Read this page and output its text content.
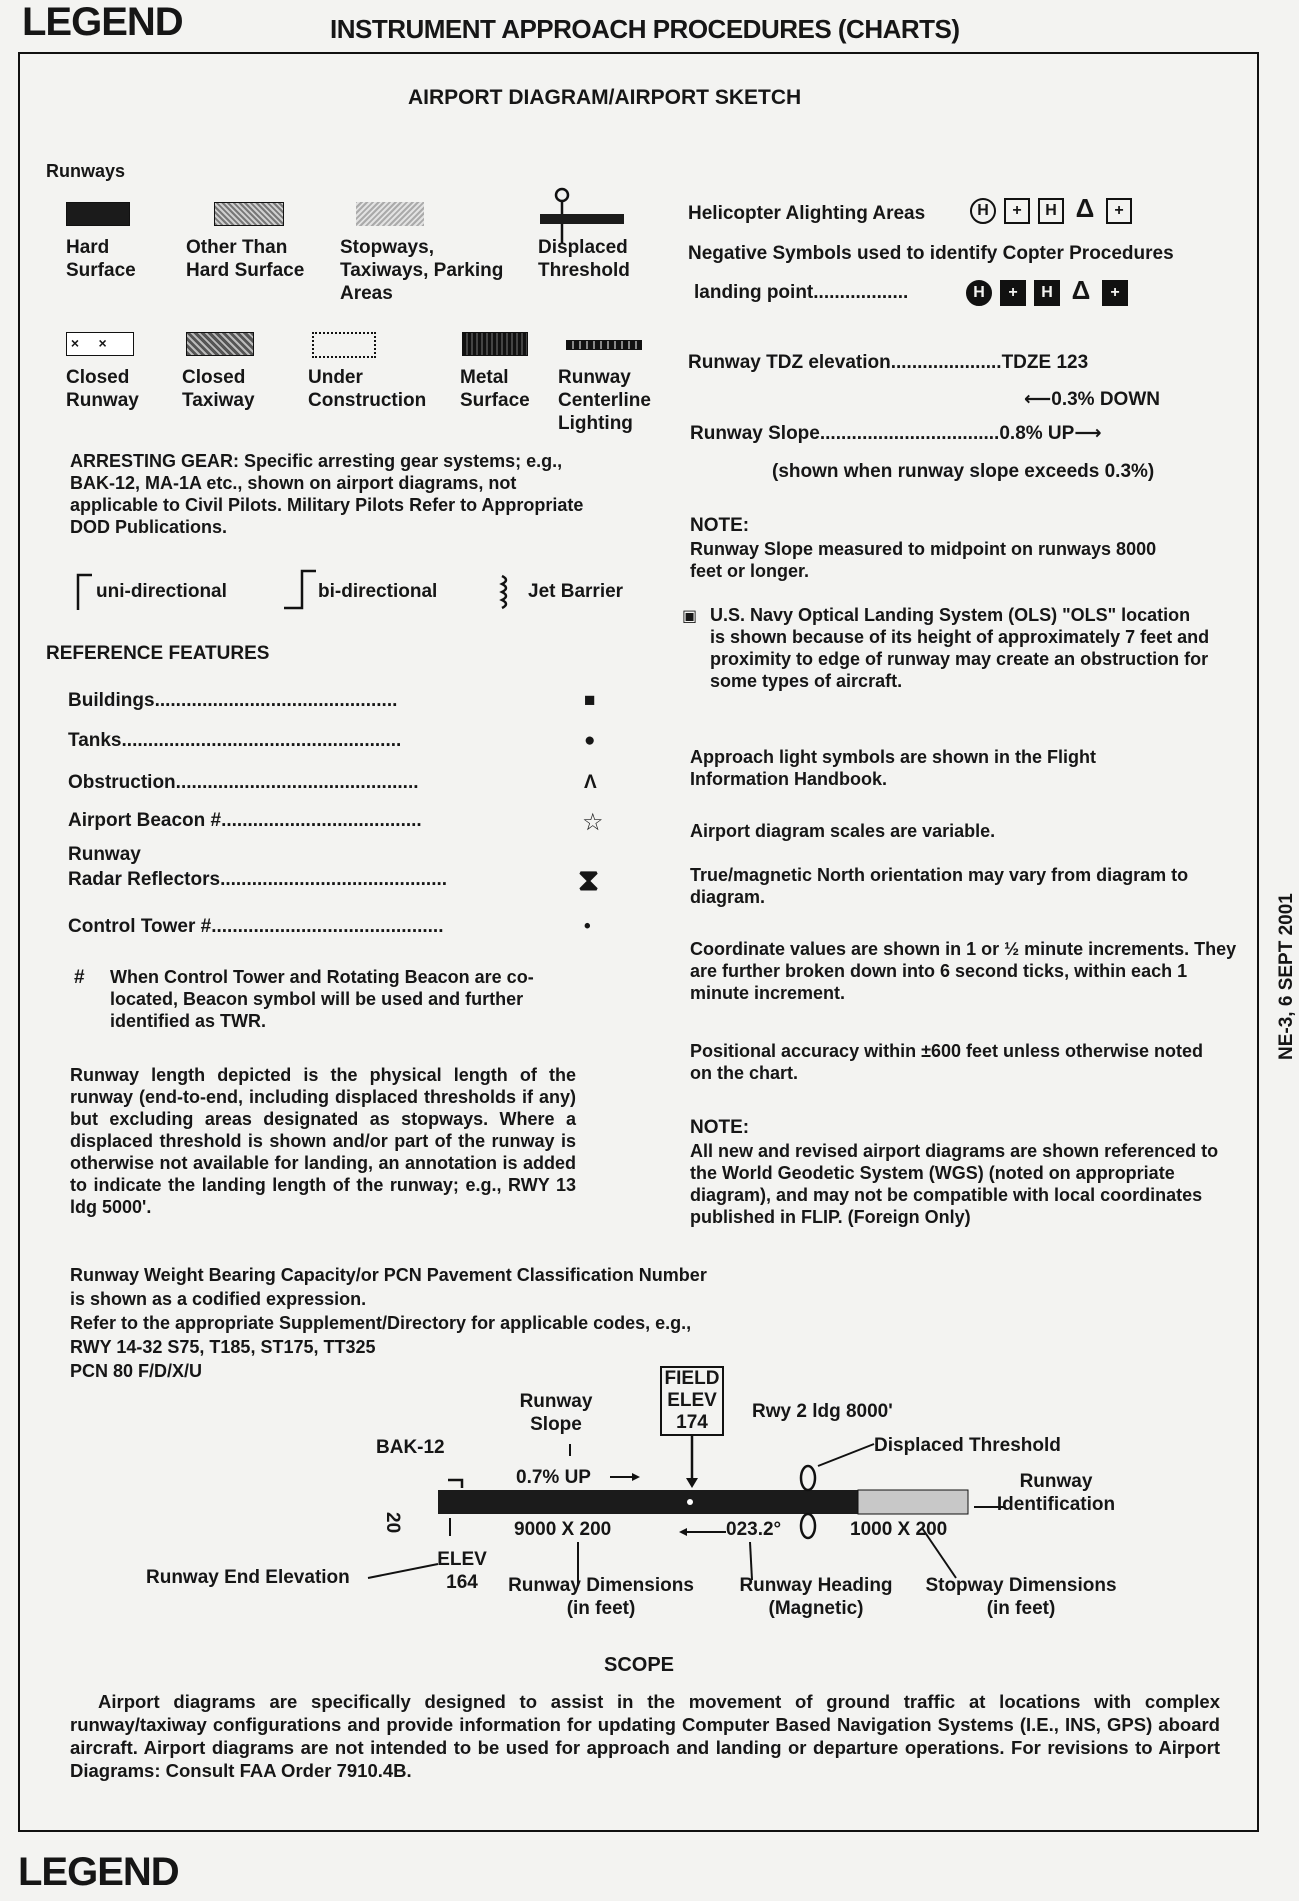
LEGEND	INSTRUMENT APPROACH PROCEDURES (CHARTS)
NE-3, 6 SEPT 2001
LEGEND
AIRPORT DIAGRAM/AIRPORT SKETCH
Runways
Hard
Surface
Other Than
Hard Surface
Stopways,
Taxiways, Parking
Areas
Displaced
Threshold
×     ×
Closed
Runway
Closed
Taxiway
Under
Construction
Metal
Surface
Runway
Centerline
Lighting
ARRESTING GEAR: Specific arresting gear systems; e.g., BAK-12, MA-1A etc., shown on airport diagrams, not applicable to Civil Pilots. Military Pilots Refer to Appropriate DOD Publications.
uni-directional	bi-directional	Jet Barrier
REFERENCE FEATURES
Buildings..............................................	■
Tanks.....................................................	●
Obstruction..............................................	Λ
Airport Beacon #......................................	☆
Runway
Radar Reflectors...........................................	⧗
Control Tower #............................................	•
# When Control Tower and Rotating Beacon are co-located, Beacon symbol will be used and further identified as TWR.
Runway length depicted is the physical length of the runway (end-to-end, including displaced thresholds if any) but excluding areas designated as stopways. Where a displaced threshold is shown and/or part of the runway is otherwise not available for landing, an annotation is added to indicate the landing length of the runway; e.g., RWY 13 ldg 5000'.
Helicopter Alighting Areas	H + H Δ +
Negative Symbols used to identify Copter Procedures
landing point..................	H + H Δ +
Runway TDZ elevation.....................TDZE 123
⟵0.3% DOWN
Runway Slope..................................0.8% UP⟶
(shown when runway slope exceeds 0.3%)
NOTE:
Runway Slope measured to midpoint on runways 8000 feet or longer.
▣ U.S. Navy Optical Landing System (OLS) "OLS" location is shown because of its height of approximately 7 feet and proximity to edge of runway may create an obstruction for some types of aircraft.
Approach light symbols are shown in the Flight Information Handbook.
Airport diagram scales are variable.
True/magnetic North orientation may vary from diagram to diagram.
Coordinate values are shown in 1 or ½ minute increments. They are further broken down into 6 second ticks, within each 1 minute increment.
Positional accuracy within ±600 feet unless otherwise noted on the chart.
NOTE:
All new and revised airport diagrams are shown referenced to the World Geodetic System (WGS) (noted on appropriate diagram), and may not be compatible with local coordinates published in FLIP. (Foreign Only)
Runway Weight Bearing Capacity/or PCN Pavement Classification Number
is shown as a codified expression.
Refer to the appropriate Supplement/Directory for applicable codes, e.g.,
RWY 14-32 S75, T185, ST175, TT325
PCN 80 F/D/X/U	FIELD
ELEV
174
Runway
Slope
Rwy 2 ldg 8000'
BAK-12	Displaced Threshold
0.7% UP	Runway
Identification
20	9000 X 200	023.2°	1000 X 200
ELEV
164
Runway End Elevation	Runway Dimensions
(in feet)
Runway Heading
(Magnetic)
Stopway Dimensions
(in feet)
SCOPE
Airport diagrams are specifically designed to assist in the movement of ground traffic at locations with complex runway/taxiway configurations and provide information for updating Computer Based Navigation Systems (I.E., INS, GPS) aboard aircraft. Airport diagrams are not intended to be used for approach and landing or departure operations. For revisions to Airport Diagrams: Consult FAA Order 7910.4B.
